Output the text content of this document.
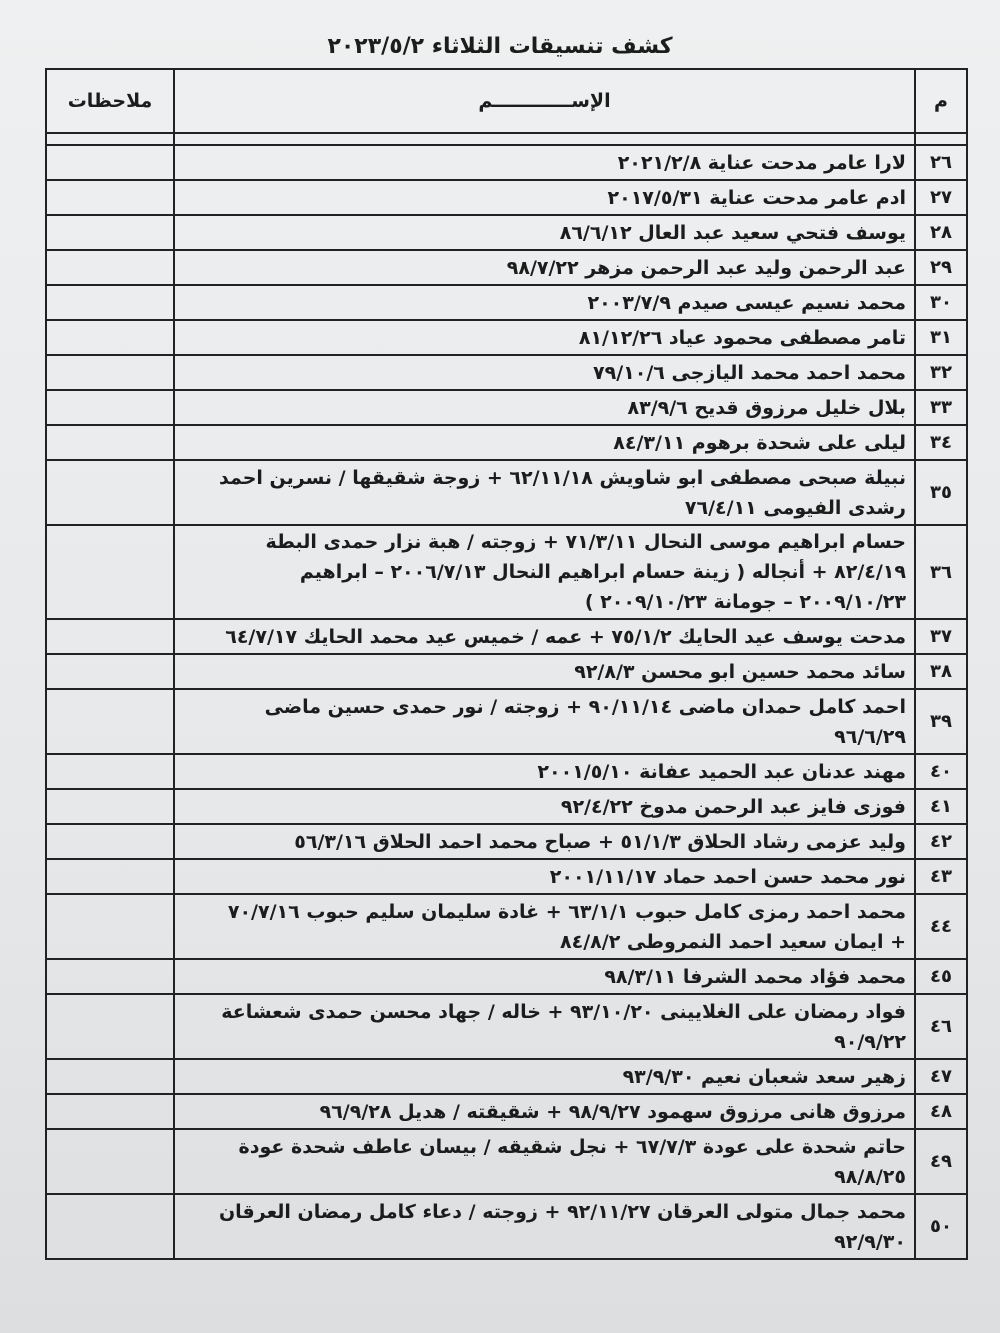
كشف تنسيقات الثلاثاء ٢٠٢٣/٥/٢
م	الإســــــــــــم	ملاحظات

٢٦	لارا عامر مدحت عناية ٢٠٢١/٢/٨	
٢٧	ادم عامر مدحت عناية ٢٠١٧/٥/٣١	
٢٨	يوسف فتحي سعيد عبد العال ٨٦/٦/١٢	
٢٩	عبد الرحمن وليد عبد الرحمن مزهر ٩٨/٧/٢٢	
٣٠	محمد نسيم عيسى صيدم ٢٠٠٣/٧/٩	
٣١	تامر مصطفى محمود عياد ٨١/١٢/٢٦	
٣٢	محمد احمد محمد اليازجى ٧٩/١٠/٦	
٣٣	بلال خليل مرزوق قديح ٨٣/٩/٦	
٣٤	ليلى على شحدة برهوم ٨٤/٣/١١	
٣٥	نبيلة صبحى مصطفى ابو شاويش ٦٢/١١/١٨ + زوجة شقيقها / نسرين احمد
رشدى الفيومى ٧٦/٤/١١	
٣٦	حسام ابراهيم موسى النحال ٧١/٣/١١ + زوجته / هبة نزار حمدى البطة
٨٢/٤/١٩ + أنجاله ( زينة حسام ابراهيم النحال ٢٠٠٦/٧/١٣ – ابراهيم
٢٠٠٩/١٠/٢٣ – جومانة ٢٠٠٩/١٠/٢٣ )	
٣٧	مدحت يوسف عيد الحايك ٧٥/١/٢ + عمه / خميس عيد محمد الحايك ٦٤/٧/١٧	
٣٨	سائد محمد حسين ابو محسن ٩٢/٨/٣	
٣٩	احمد كامل حمدان ماضى ٩٠/١١/١٤ + زوجته / نور حمدى حسين ماضى
٩٦/٦/٢٩	
٤٠	مهند عدنان عبد الحميد عفانة ٢٠٠١/٥/١٠	
٤١	فوزى فايز عبد الرحمن مدوخ ٩٢/٤/٢٢	
٤٢	وليد عزمى رشاد الحلاق ٥١/١/٣ + صباح محمد احمد الحلاق ٥٦/٣/١٦	
٤٣	نور محمد حسن احمد حماد ٢٠٠١/١١/١٧	
٤٤	محمد احمد رمزى كامل حبوب ٦٣/١/١ + غادة سليمان سليم حبوب ٧٠/٧/١٦
+ ايمان سعيد احمد النمروطى ٨٤/٨/٢	
٤٥	محمد فؤاد محمد الشرفا ٩٨/٣/١١	
٤٦	فواد رمضان على الغلايينى ٩٣/١٠/٢٠ + خاله / جهاد محسن حمدى شعشاعة
٩٠/٩/٢٢	
٤٧	زهير سعد شعبان نعيم ٩٣/٩/٣٠	
٤٨	مرزوق هانى مرزوق سهمود ٩٨/٩/٢٧ + شقيقته / هديل ٩٦/٩/٢٨	
٤٩	حاتم شحدة على عودة ٦٧/٧/٣ + نجل شقيقه / بيسان عاطف شحدة عودة
٩٨/٨/٢٥	
٥٠	محمد جمال متولى العرقان ٩٢/١١/٢٧ + زوجته / دعاء كامل رمضان العرقان
٩٢/٩/٣٠	
